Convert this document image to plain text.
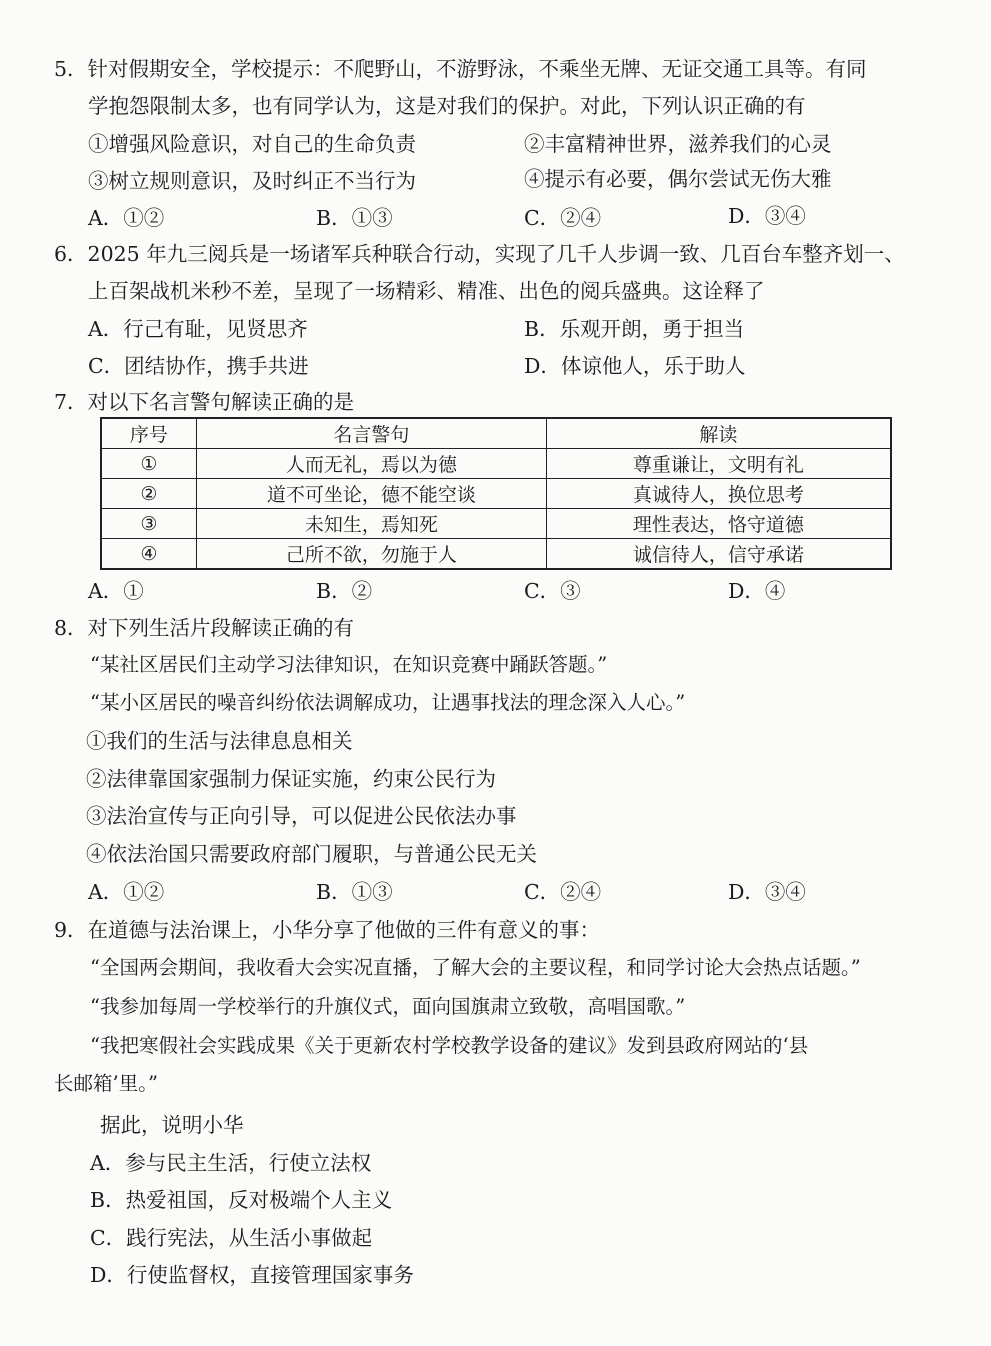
5．针对假期安全，学校提示：不爬野山，不游野泳，不乘坐无牌、无证交通工具等。有同
学抱怨限制太多，也有同学认为，这是对我们的保护。对此，下列认识正确的有
①增强风险意识，对自己的生命负责	②丰富精神世界，滋养我们的心灵
③树立规则意识，及时纠正不当行为	④提示有必要，偶尔尝试无伤大雅
A．①②	B．①③	C．②④	D．③④
6．2025 年九三阅兵是一场诸军兵种联合行动，实现了几千人步调一致、几百台车整齐划一、
上百架战机米秒不差，呈现了一场精彩、精准、出色的阅兵盛典。这诠释了
A．行己有耻，见贤思齐	B．乐观开朗，勇于担当
C．团结协作，携手共进	D．体谅他人，乐于助人
7．对以下名言警句解读正确的是
序号	名言警句	解读
①	人而无礼，焉以为德	尊重谦让，文明有礼
②	道不可坐论，德不能空谈	真诚待人，换位思考
③	未知生，焉知死	理性表达，恪守道德
④	己所不欲，勿施于人	诚信待人，信守承诺
A．①	B．②	C．③	D．④
8．对下列生活片段解读正确的有
“某社区居民们主动学习法律知识，在知识竞赛中踊跃答题。”
“某小区居民的噪音纠纷依法调解成功，让遇事找法的理念深入人心。”
①我们的生活与法律息息相关
②法律靠国家强制力保证实施，约束公民行为
③法治宣传与正向引导，可以促进公民依法办事
④依法治国只需要政府部门履职，与普通公民无关
A．①②	B．①③	C．②④	D．③④
9．在道德与法治课上，小华分享了他做的三件有意义的事：
“全国两会期间，我收看大会实况直播，了解大会的主要议程，和同学讨论大会热点话题。”
“我参加每周一学校举行的升旗仪式，面向国旗肃立致敬，高唱国歌。”
“我把寒假社会实践成果《关于更新农村学校教学设备的建议》发到县政府网站的‘县
长邮箱’里。”
据此，说明小华
A．参与民主生活，行使立法权
B．热爱祖国，反对极端个人主义
C．践行宪法，从生活小事做起
D．行使监督权，直接管理国家事务
